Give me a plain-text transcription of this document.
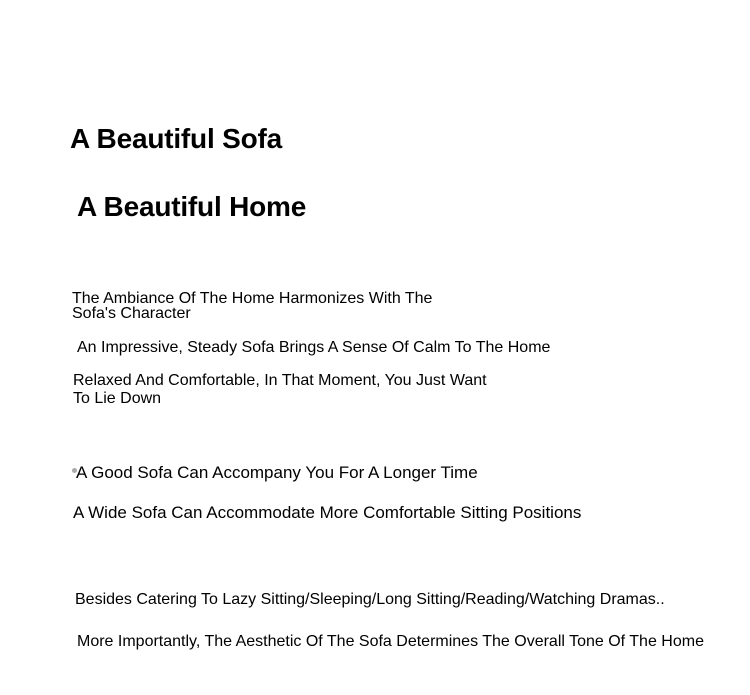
A Beautiful Sofa
A Beautiful Home

The Ambiance Of The Home Harmonizes With The

Sofa's Character

An Impressive, Steady Sofa Brings A Sense Of Calm To The Home

Relaxed And Comfortable, In That Moment, You Just Want

To Lie Down

A Good Sofa Can Accompany You For A Longer Time

A Wide Sofa Can Accommodate More Comfortable Sitting Positions

Besides Catering To Lazy Sitting/Sleeping/Long Sitting/Reading/Watching Dramas..

More Importantly, The Aesthetic Of The Sofa Determines The Overall Tone Of The Home
